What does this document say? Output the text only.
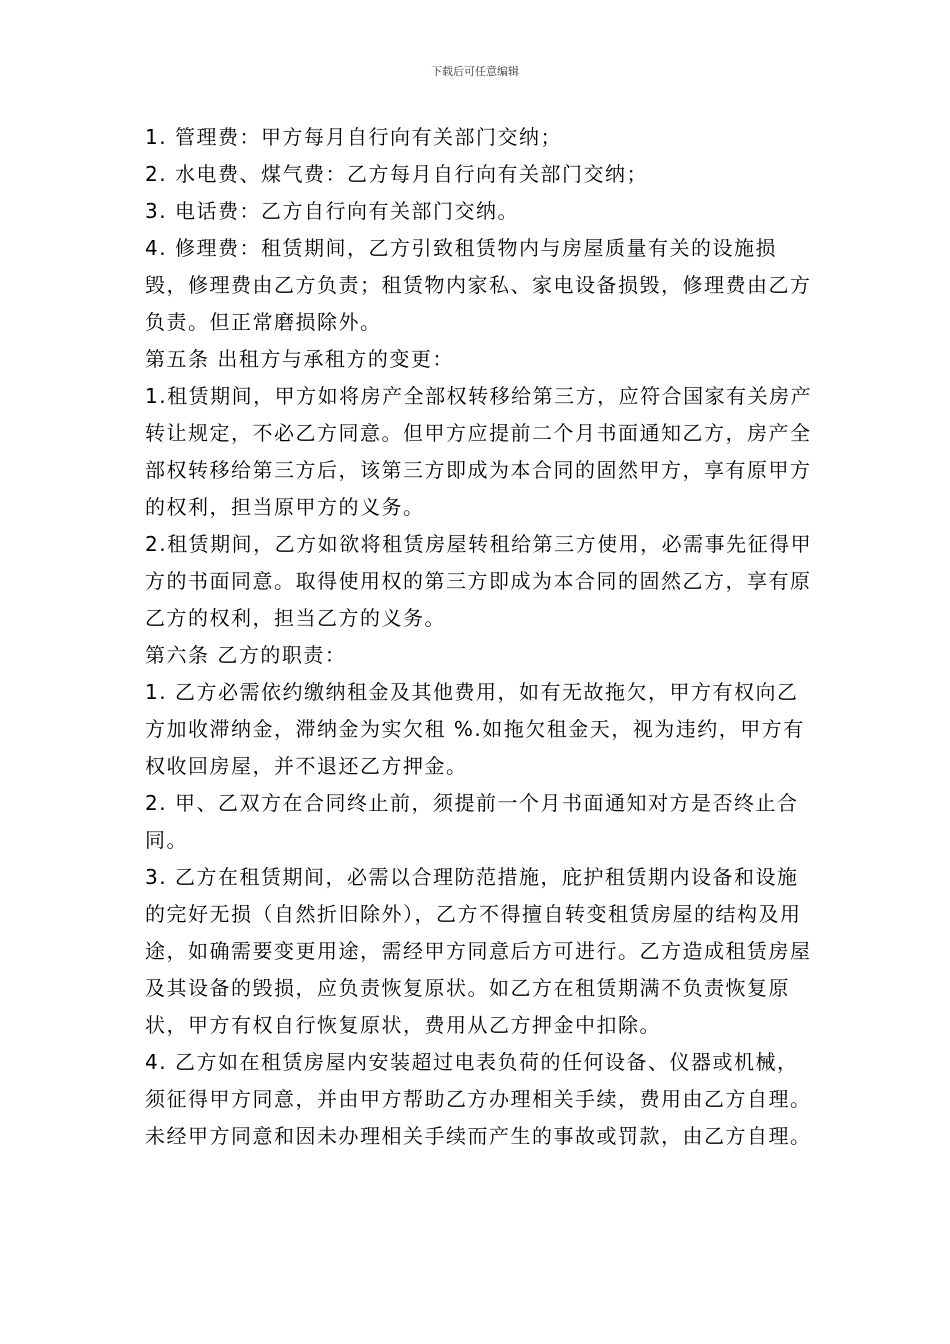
下载后可任意编辑

1. 管理费：甲方每月自行向有关部门交纳；

2. 水电费、煤气费：乙方每月自行向有关部门交纳；

3. 电话费：乙方自行向有关部门交纳。

4. 修理费：租赁期间，乙方引致租赁物内与房屋质量有关的设施损毁，修理费由乙方负责；租赁物内家私、家电设备损毁，修理费由乙方负责。但正常磨损除外。

第五条 出租方与承租方的变更：

1.租赁期间，甲方如将房产全部权转移给第三方，应符合国家有关房产转让规定，不必乙方同意。但甲方应提前二个月书面通知乙方，房产全部权转移给第三方后，该第三方即成为本合同的固然甲方，享有原甲方的权利，担当原甲方的义务。

2.租赁期间，乙方如欲将租赁房屋转租给第三方使用，必需事先征得甲方的书面同意。取得使用权的第三方即成为本合同的固然乙方，享有原乙方的权利，担当乙方的义务。

第六条 乙方的职责：

1. 乙方必需依约缴纳租金及其他费用，如有无故拖欠，甲方有权向乙方加收滞纳金，滞纳金为实欠租 %.如拖欠租金天，视为违约，甲方有权收回房屋，并不退还乙方押金。

2. 甲、乙双方在合同终止前，须提前一个月书面通知对方是否终止合同。

3. 乙方在租赁期间，必需以合理防范措施，庇护租赁期内设备和设施的完好无损（自然折旧除外），乙方不得擅自转变租赁房屋的结构及用途，如确需要变更用途，需经甲方同意后方可进行。乙方造成租赁房屋及其设备的毁损，应负责恢复原状。如乙方在租赁期满不负责恢复原状，甲方有权自行恢复原状，费用从乙方押金中扣除。

4. 乙方如在租赁房屋内安装超过电表负荷的任何设备、仪器或机械，须征得甲方同意，并由甲方帮助乙方办理相关手续，费用由乙方自理。未经甲方同意和因未办理相关手续而产生的事故或罚款，由乙方自理。
